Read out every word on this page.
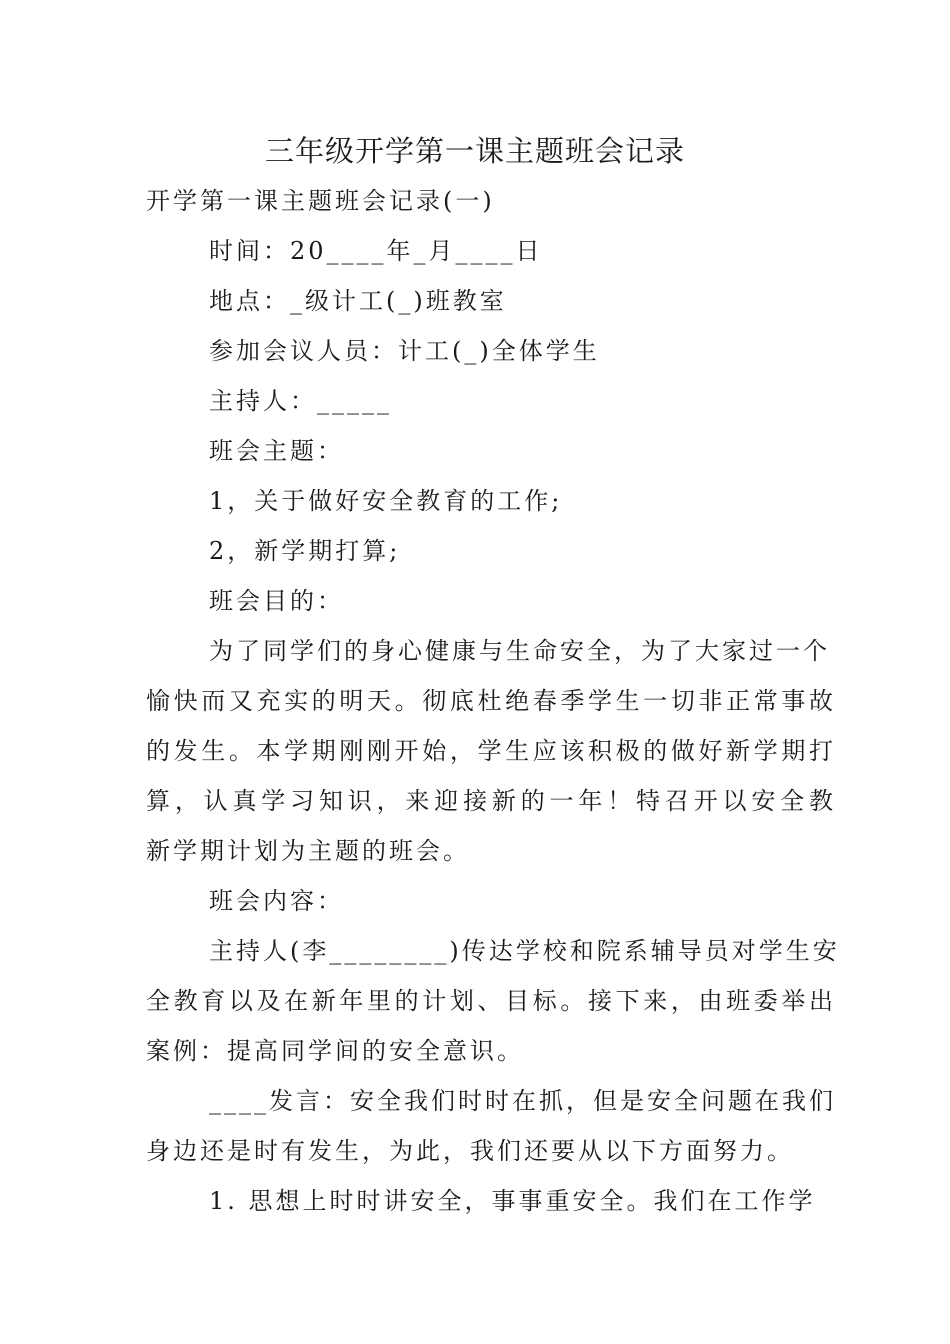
三年级开学第一课主题班会记录

开学第一课主题班会记录(一)

时间：20____年_月____日

地点：_级计工(_)班教室

参加会议人员：计工(_)全体学生

主持人：_____

班会主题：

1，关于做好安全教育的工作;

2，新学期打算;

班会目的：

为了同学们的身心健康与生命安全，为了大家过一个

愉快而又充实的明天。彻底杜绝春季学生一切非正常事故

的发生。本学期刚刚开始，学生应该积极的做好新学期打

算，认真学习知识，来迎接新的一年！特召开以安全教

新学期计划为主题的班会。

班会内容：

主持人(李________)传达学校和院系辅导员对学生安

全教育以及在新年里的计划、目标。接下来，由班委举出

案例：提高同学间的安全意识。

____发言：安全我们时时在抓，但是安全问题在我们

身边还是时有发生，为此，我们还要从以下方面努力。

1. 思想上时时讲安全，事事重安全。我们在工作学
